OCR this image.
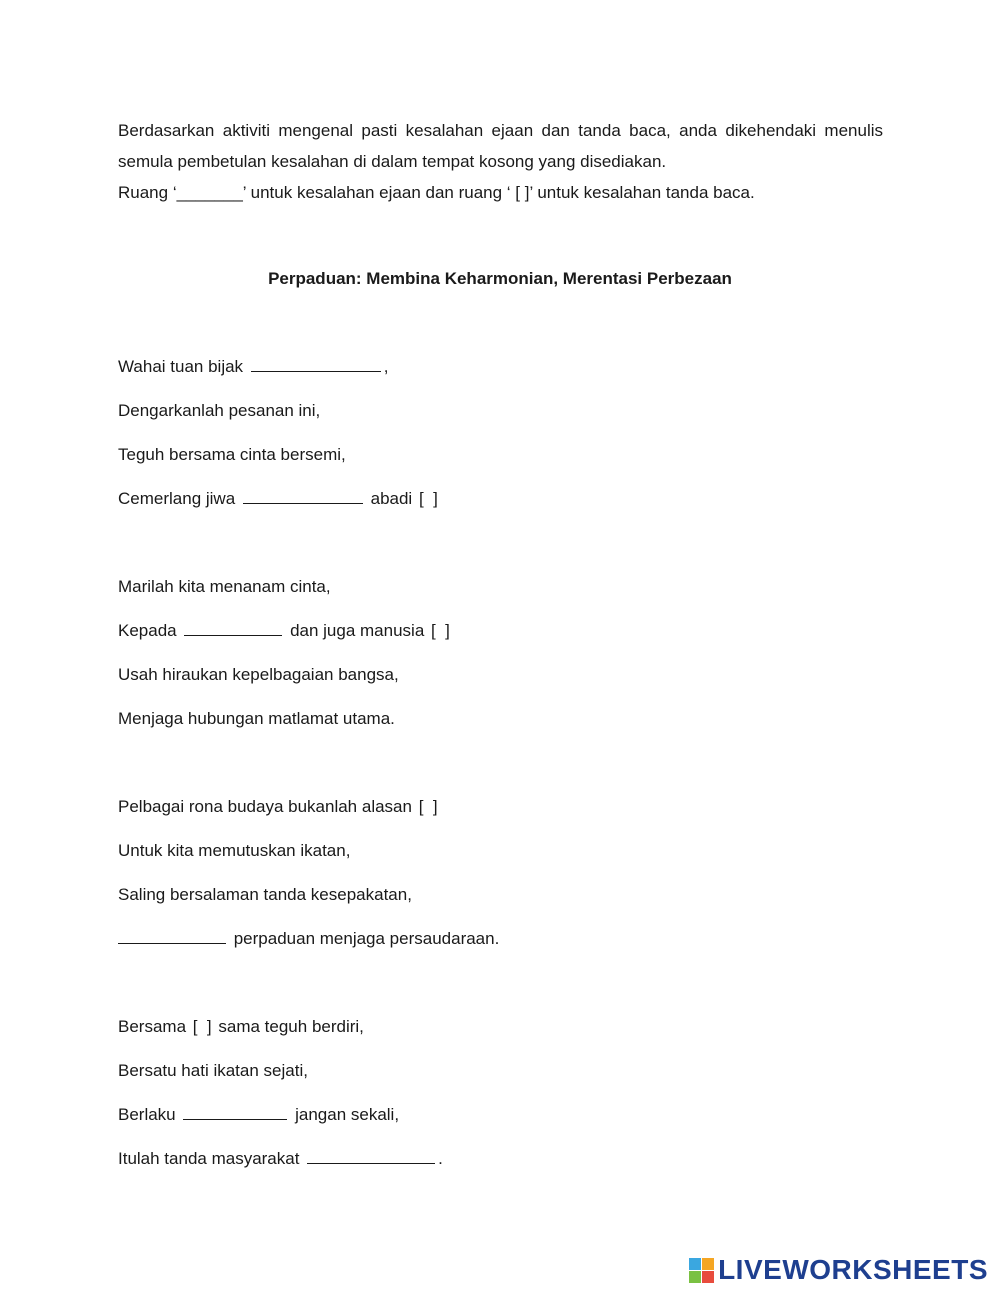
Berdasarkan aktiviti mengenal pasti kesalahan ejaan dan tanda baca, anda dikehendaki menulis semula pembetulan kesalahan di dalam tempat kosong yang disediakan.

Ruang ‘_______’ untuk kesalahan ejaan dan ruang ‘ [ ]’ untuk kesalahan tanda baca.

Perpaduan: Membina Keharmonian, Merentasi Perbezaan
Wahai tuan bijak	,
Dengarkanlah pesanan ini,
Teguh bersama cinta bersemi,
Cemerlang jiwa	abadi [  ]
Marilah kita menanam cinta,
Kepada	dan juga manusia [  ]
Usah hiraukan kepelbagaian bangsa,
Menjaga hubungan matlamat utama.
Pelbagai rona budaya bukanlah alasan [  ]
Untuk kita memutuskan ikatan,
Saling bersalaman tanda kesepakatan,
perpaduan menjaga persaudaraan.
Bersama [  ] sama teguh berdiri,
Bersatu hati ikatan sejati,
Berlaku	jangan sekali,
Itulah tanda masyarakat	.
LIVEWORKSHEETS
